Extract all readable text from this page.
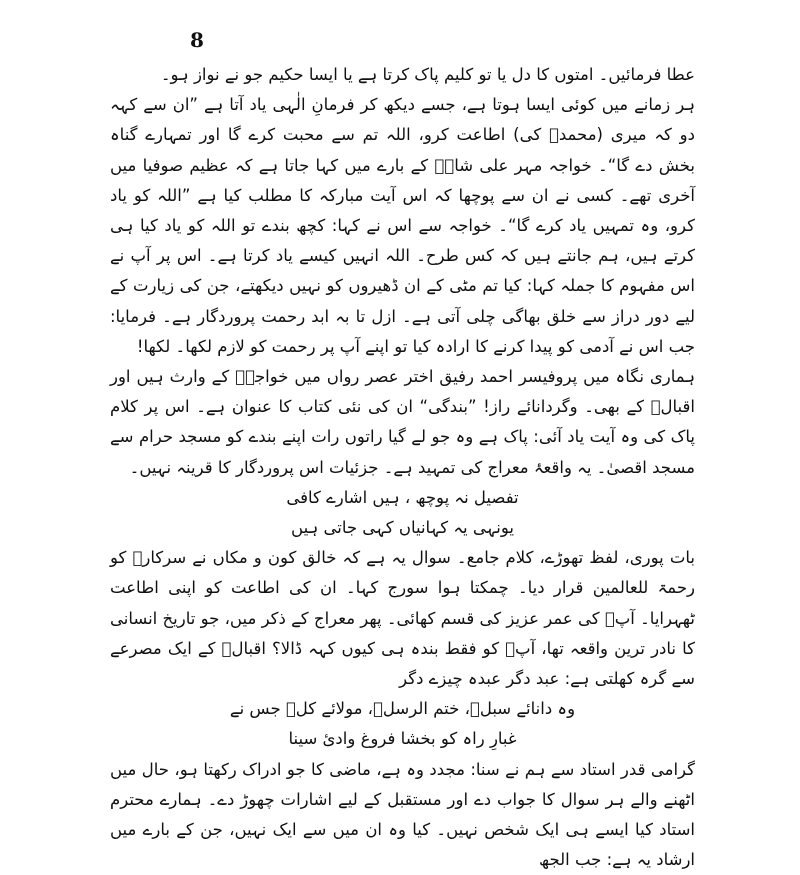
8

عطا فرمائیں۔ امتوں کا دل یا تو کلیم پاک کرتا ہے یا ایسا حکیم جو نے نواز ہو۔

ہر زمانے میں کوئی ایسا ہوتا ہے، جسے دیکھ کر فرمانِ الٰہی یاد آتا ہے ”ان سے کہہ دو کہ میری (محمدؐ کی) اطاعت کرو، اللہ تم سے محبت کرے گا اور تمہارے گناہ بخش دے گا“۔ خواجہ مہر علی شاہؒ کے بارے میں کہا جاتا ہے کہ عظیم صوفیا میں آخری تھے۔ کسی نے ان سے پوچھا کہ اس آیت مبارکہ کا مطلب کیا ہے ”اللہ کو یاد کرو، وہ تمہیں یاد کرے گا“۔ خواجہ سے اس نے کہا: کچھ بندے تو اللہ کو یاد کیا ہی کرتے ہیں، ہم جانتے ہیں کہ کس طرح۔ اللہ انہیں کیسے یاد کرتا ہے۔ اس پر آپ نے اس مفہوم کا جملہ کہا: کیا تم مٹی کے ان ڈھیروں کو نہیں دیکھتے، جن کی زیارت کے لیے دور دراز سے خلق بھاگی چلی آتی ہے۔ ازل تا بہ ابد رحمت پروردگار ہے۔ فرمایا: جب اس نے آدمی کو پیدا کرنے کا ارادہ کیا تو اپنے آپ پر رحمت کو لازم لکھا۔ لکھا!

ہماری نگاہ میں پروفیسر احمد رفیق اختر عصر رواں میں خواجہؒ کے وارث ہیں اور اقبالؒ کے بھی۔ وگردانائے راز! ”بندگی“ ان کی نئی کتاب کا عنوان ہے۔ اس پر کلام پاک کی وہ آیت یاد آئی: پاک ہے وہ جو لے گیا راتوں رات اپنے بندے کو مسجد حرام سے مسجد اقصیٰ۔ یہ واقعۂ معراج کی تمہید ہے۔ جزئیات اس پروردگار کا قرینہ نہیں۔

تفصیل نہ پوچھ ، ہیں اشارے کافی

یونہی یہ کہانیاں کہی جاتی ہیں

بات پوری، لفظ تھوڑے، کلام جامع۔ سوال یہ ہے کہ خالق کون و مکاں نے سرکارؐ کو رحمۃ للعالمین قرار دیا۔ چمکتا ہوا سورج کہا۔ ان کی اطاعت کو اپنی اطاعت ٹھہرایا۔ آپؐ کی عمر عزیز کی قسم کھائی۔ پھر معراج کے ذکر میں، جو تاریخ انسانی کا نادر ترین واقعہ تھا، آپؐ کو فقط بندہ ہی کیوں کہہ ڈالا؟ اقبالؒ کے ایک مصرعے سے گرہ کھلتی ہے: عبد دگر عبدہ چیزے دگر

وہ دانائے سبلؐ، ختم الرسلؐ، مولائے کلؐ جس نے

غبارِ راہ کو بخشا فروغ وادیٔ سینا

گرامی قدر استاد سے ہم نے سنا: مجدد وہ ہے، ماضی کا جو ادراک رکھتا ہو، حال میں اٹھنے والے ہر سوال کا جواب دے اور مستقبل کے لیے اشارات چھوڑ دے۔ ہمارے محترم استاد کیا ایسے ہی ایک شخص نہیں۔ کیا وہ ان میں سے ایک نہیں، جن کے بارے میں ارشاد یہ ہے: جب الجھ
